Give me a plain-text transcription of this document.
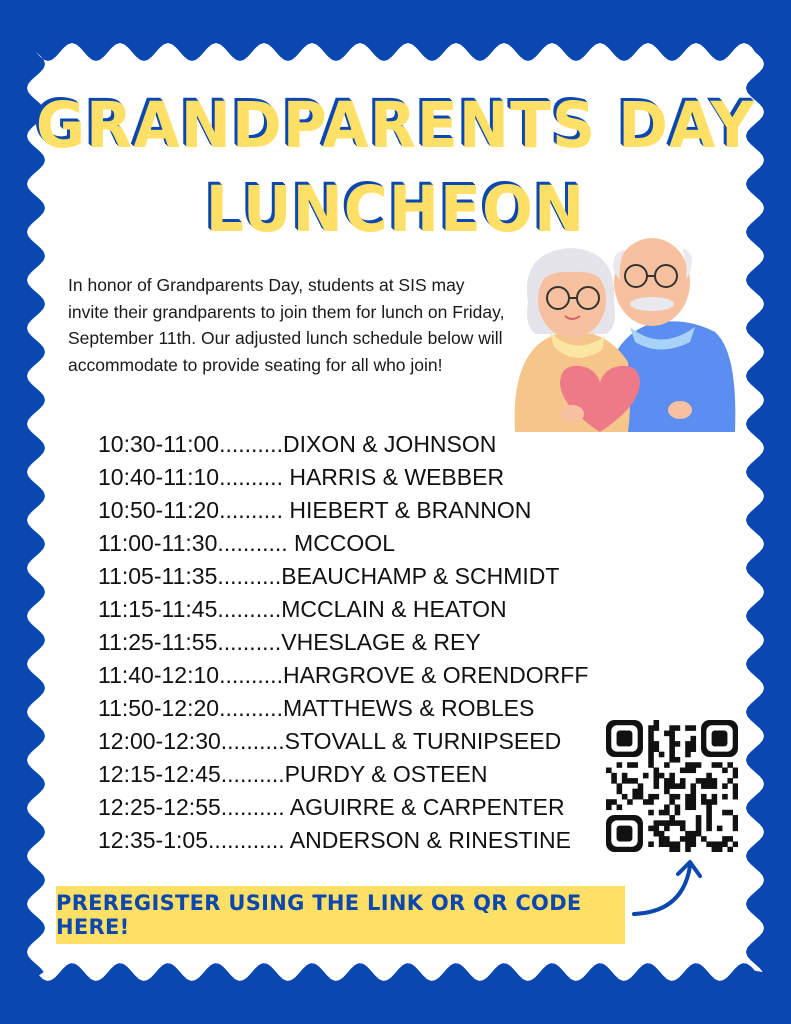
GRANDPARENTS DAY
LUNCHEON

In honor of Grandparents Day, students at SIS may invite their grandparents to join them for lunch on Friday, September 11th. Our adjusted lunch schedule below will accommodate to provide seating for all who join!

10:30-11:00..........DIXON & JOHNSON
10:40-11:10.......... HARRIS & WEBBER
10:50-11:20.......... HIEBERT & BRANNON
11:00-11:30........... MCCOOL
11:05-11:35..........BEAUCHAMP & SCHMIDT
11:15-11:45..........MCCLAIN & HEATON
11:25-11:55..........VHESLAGE & REY
11:40-12:10..........HARGROVE & ORENDORFF
11:50-12:20..........MATTHEWS & ROBLES
12:00-12:30..........STOVALL & TURNIPSEED
12:15-12:45..........PURDY & OSTEEN
12:25-12:55.......... AGUIRRE & CARPENTER
12:35-1:05............ ANDERSON & RINESTINE
PREREGISTER USING THE LINK OR QR CODE HERE!
